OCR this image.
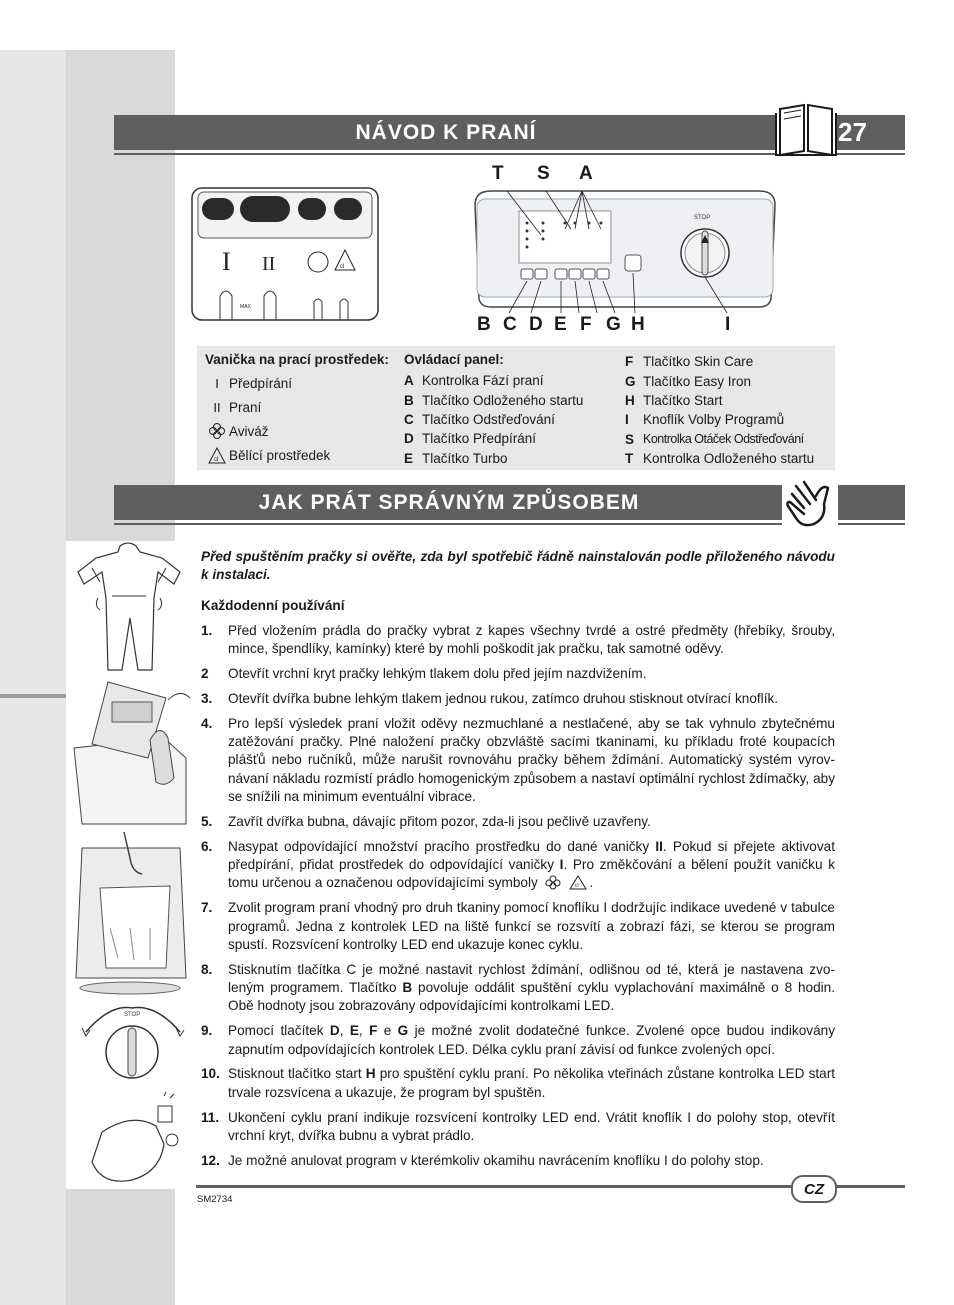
NÁVOD K PRANÍ	27
I II	cl
MAX
T S A
STOP
B C D E F G H	I
Vanička na prací prostředek:
I Předpírání
II Praní
Aviváž
cl Bělící prostředek
Ovládací panel:
A Kontrolka Fází praní
B Tlačítko Odloženého startu
C Tlačítko Odstřeďování
D Tlačítko Předpírání
E Tlačítko Turbo
F Tlačítko Skin Care
G Tlačítko Easy Iron
H Tlačítko Start
I	Knoflík Volby Programů
S Kontrolka Otáček Odstřeďování
T Kontrolka Odloženého startu
JAK PRÁT SPRÁVNÝM ZPŮSOBEM
STOP
Před spuštěním pračky si ověřte, zda byl spotřebič řádně nainstalován podle přiloženého návodu k instalaci.
Každodenní používání
1.	Před vložením prádla do pračky vybrat z kapes všechny tvrdé a ostré předměty (hřebíky, šrouby, mince, špendlíky, kamínky) které by mohli poškodit jak pračku, tak samotné oděvy.
2	Otevřít vrchní kryt pračky lehkým tlakem dolu před jejím nazdvižením.
3.	Otevřít dvířka bubne lehkým tlakem jednou rukou, zatímco druhou stisknout otvírací knoflík.
4.	Pro lepší výsledek praní vložit oděvy nezmuchlané a nestlačené, aby se tak vyhnulo zbytečnému zatěžování pračky. Plné naložení pračky obzvláště sacími tkaninami, ku příkladu froté koupacích plášťů nebo ručníků, může narušit rovnováhu pračky během ždímání. Automatický systém vyrov-návaní nákladu rozmístí prádlo homogenickým způsobem a nastaví optimální rychlost ždímačky, aby se snížili na minimum eventuální vibrace.
5.	Zavřít dvířka bubna, dávajíc přitom pozor, zda-li jsou pečlivě uzavřeny.
6.	Nasypat odpovídající množství pracího prostředku do dané vaničky II. Pokud si přejete aktivovat předpírání, přidat prostředek do odpovídající vaničky I. Pro změkčování a bělení použít vaničku k tomu určenou a označenou odpovídajícími symboly	cl .
7.	Zvolit program praní vhodný pro druh tkaniny pomocí knoflíku I dodržujíc indikace uvedené v tabulce programů. Jedna z kontrolek LED na liště funkcí se rozsvítí a zobrazí fázi, se kterou se program spustí. Rozsvícení kontrolky LED end ukazuje konec cyklu.
8.	Stisknutím tlačítka C je možné nastavit rychlost ždímání, odlišnou od té, která je nastavena zvo-leným programem. Tlačítko B povoluje oddálit spuštění cyklu vyplachování maximálně o 8 hodin. Obě hodnoty jsou zobrazovány odpovídajícími kontrolkami LED.
9.	Pomocí tlačítek D, E, F e G je možné zvolit dodatečné funkce. Zvolené opce budou indikovány zapnutím odpovídajících kontrolek LED. Délka cyklu praní závisí od funkce zvolených opcí.
10. Stisknout tlačítko start H pro spuštění cyklu praní. Po několika vteřinách zůstane kontrolka LED start trvale rozsvícena a ukazuje, že program byl spuštěn.
11. Ukončení cyklu praní indikuje rozsvícení kontrolky LED end. Vrátit knoflík I do polohy stop, otevřít vrchní kryt, dvířka bubnu a vybrat prádlo.
12. Je možné anulovat program v kterémkoliv okamihu navrácením knoflíku I do polohy stop.
CZ
SM2734
